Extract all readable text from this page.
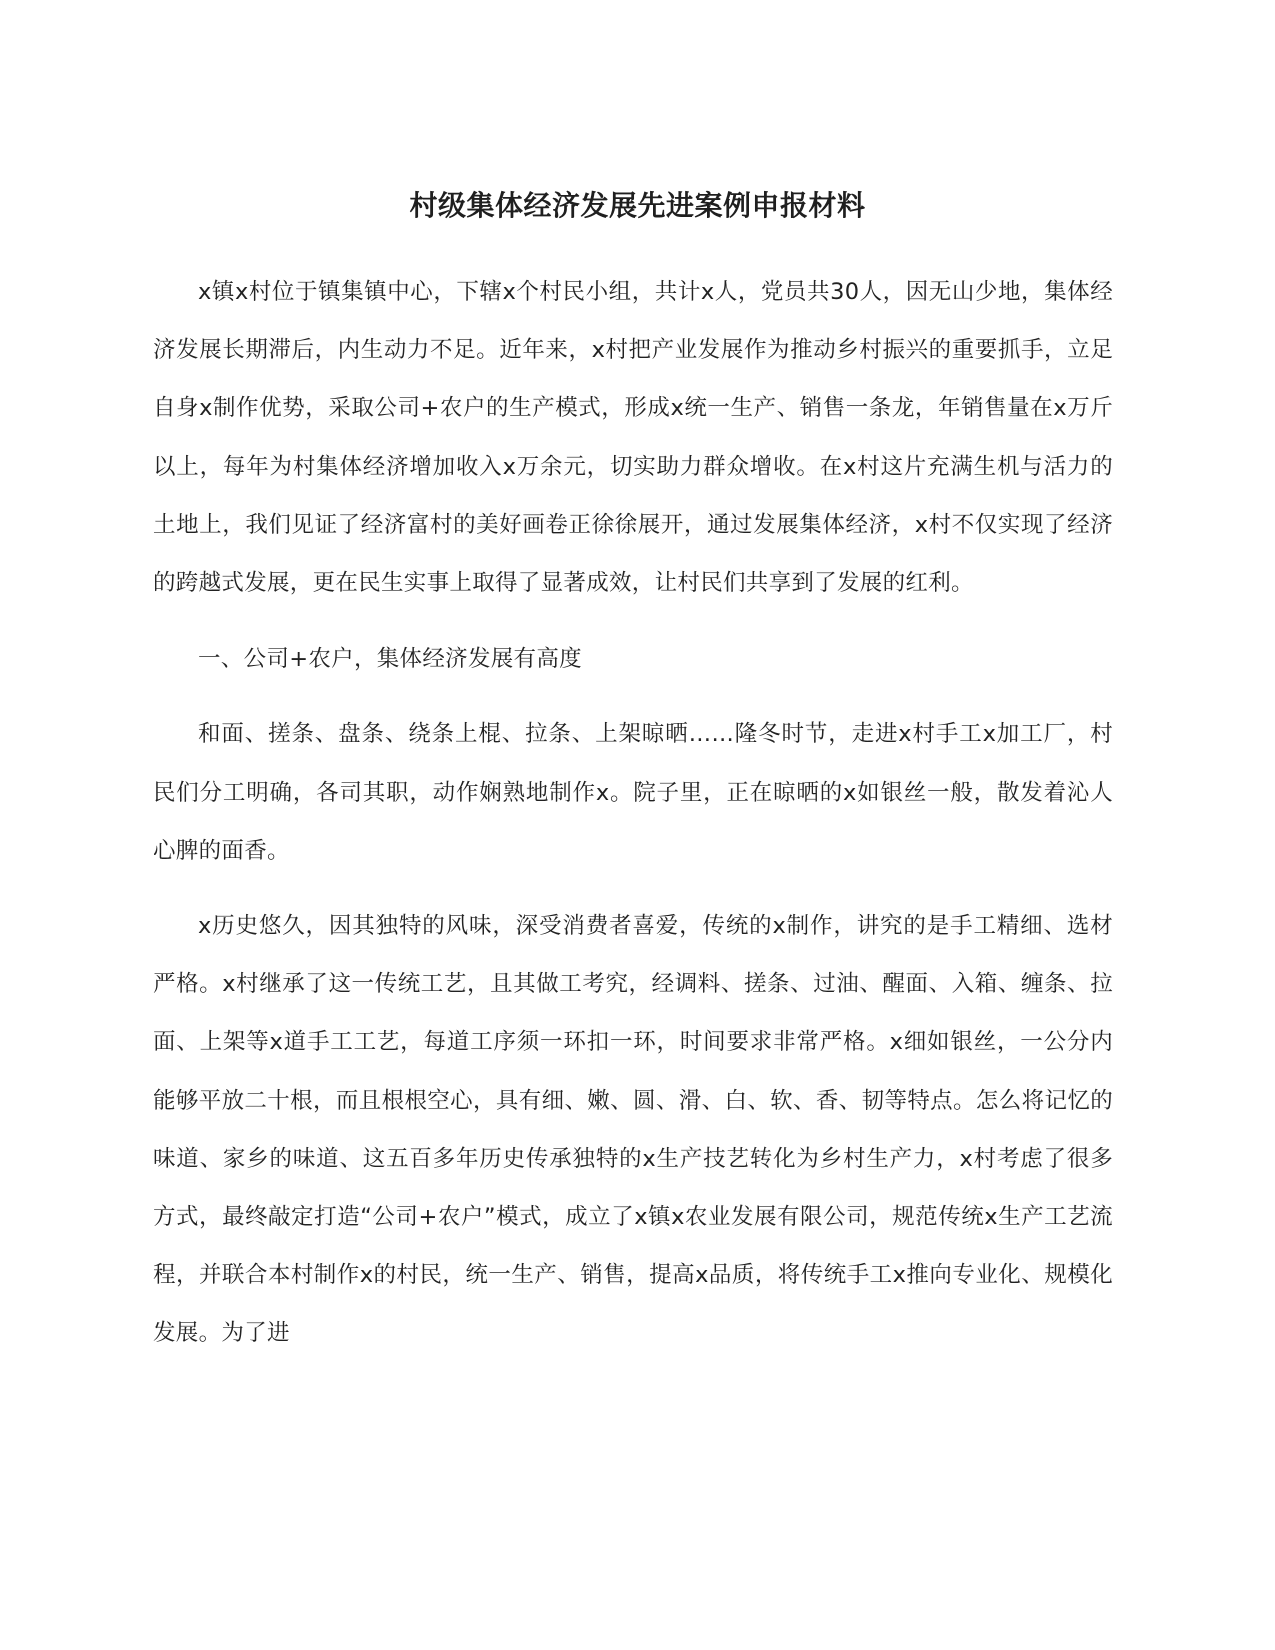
村级集体经济发展先进案例申报材料

x镇x村位于镇集镇中心，下辖x个村民小组，共计x人，党员共30人，因无山少地，集体经济发展长期滞后，内生动力不足。近年来，x村把产业发展作为推动乡村振兴的重要抓手，立足自身x制作优势，采取公司+农户的生产模式，形成x统一生产、销售一条龙，年销售量在x万斤以上，每年为村集体经济增加收入x万余元，切实助力群众增收。在x村这片充满生机与活力的土地上，我们见证了经济富村的美好画卷正徐徐展开，通过发展集体经济，x村不仅实现了经济的跨越式发展，更在民生实事上取得了显著成效，让村民们共享到了发展的红利。

一、公司+农户，集体经济发展有高度

和面、搓条、盘条、绕条上棍、拉条、上架晾晒……隆冬时节，走进x村手工x加工厂，村民们分工明确，各司其职，动作娴熟地制作x。院子里，正在晾晒的x如银丝一般，散发着沁人心脾的面香。

x历史悠久，因其独特的风味，深受消费者喜爱，传统的x制作，讲究的是手工精细、选材严格。x村继承了这一传统工艺，且其做工考究，经调料、搓条、过油、醒面、入箱、缠条、拉面、上架等x道手工工艺，每道工序须一环扣一环，时间要求非常严格。x细如银丝，一公分内能够平放二十根，而且根根空心，具有细、嫩、圆、滑、白、软、香、韧等特点。怎么将记忆的味道、家乡的味道、这五百多年历史传承独特的x生产技艺转化为乡村生产力，x村考虑了很多方式，最终敲定打造“公司+农户”模式，成立了x镇x农业发展有限公司，规范传统x生产工艺流程，并联合本村制作x的村民，统一生产、销售，提高x品质，将传统手工x推向专业化、规模化发展。为了进
